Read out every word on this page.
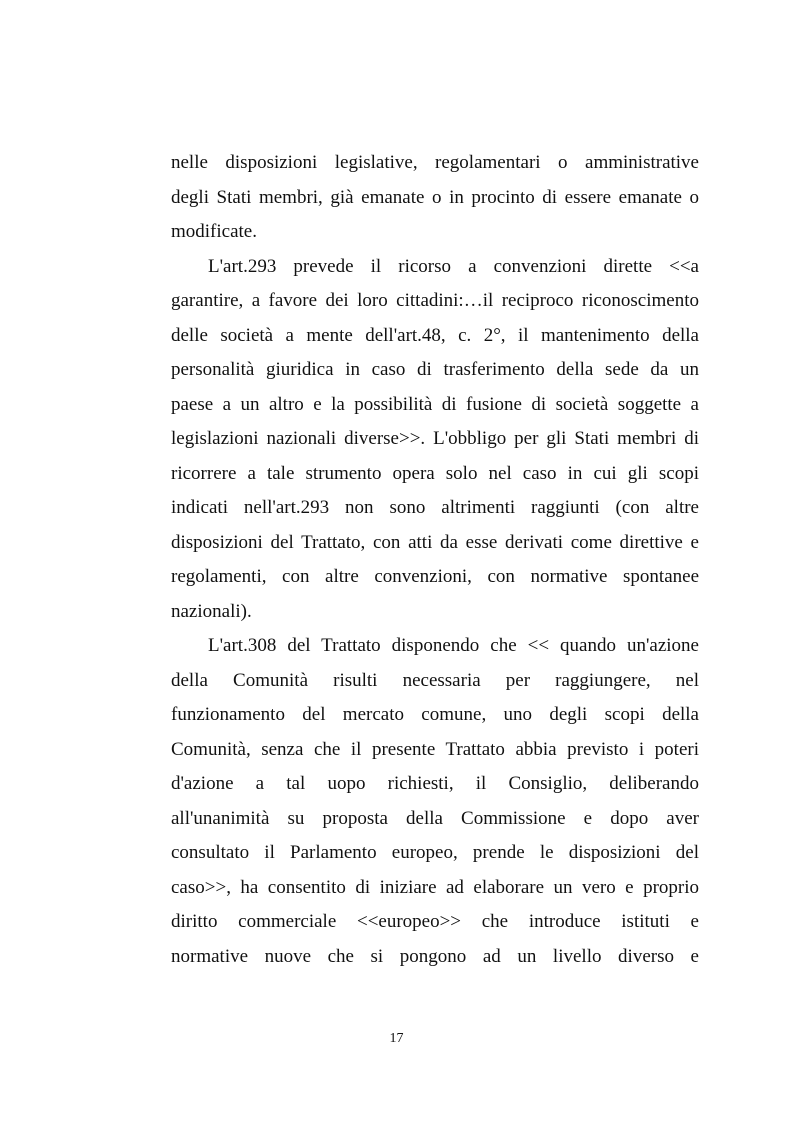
nelle disposizioni legislative, regolamentari o amministrative
degli Stati membri, già emanate o in procinto di essere emanate o
modificate.
L'art.293 prevede il ricorso a convenzioni dirette <<a
garantire, a favore dei loro cittadini:…il reciproco riconoscimento
delle società a mente dell'art.48, c. 2°, il mantenimento della
personalità giuridica in caso di trasferimento della sede da un
paese a un altro e la possibilità di fusione di società soggette a
legislazioni nazionali diverse>>. L'obbligo per gli Stati membri di
ricorrere a tale strumento opera solo nel caso in cui gli scopi
indicati nell'art.293 non sono altrimenti raggiunti (con altre
disposizioni del Trattato, con atti da esse derivati come direttive e
regolamenti, con altre convenzioni, con normative spontanee
nazionali).
L'art.308 del Trattato disponendo che << quando un'azione
della Comunità risulti necessaria per raggiungere, nel
funzionamento del mercato comune, uno degli scopi della
Comunità, senza che il presente Trattato abbia previsto i poteri
d'azione a tal uopo richiesti, il Consiglio, deliberando
all'unanimità su proposta della Commissione e dopo aver
consultato il Parlamento europeo, prende le disposizioni del
caso>>, ha consentito di iniziare ad elaborare un vero e proprio
diritto commerciale <<europeo>> che introduce istituti e
normative nuove che si pongono ad un livello diverso e
17
